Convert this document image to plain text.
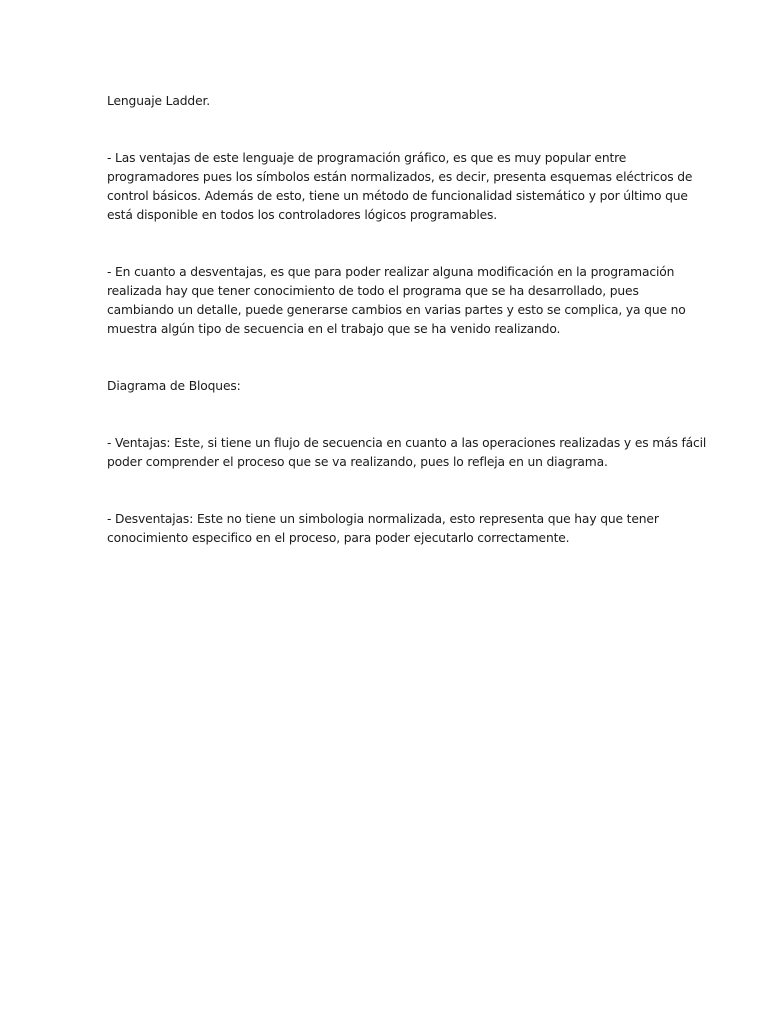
Lenguaje Ladder.

- Las ventajas de este lenguaje de programación gráfico, es que es muy popular entre
programadores pues los símbolos están normalizados, es decir, presenta esquemas eléctricos de
control básicos. Además de esto, tiene un método de funcionalidad sistemático y por último que
está disponible en todos los controladores lógicos programables.
- En cuanto a desventajas, es que para poder realizar alguna modificación en la programación
realizada hay que tener conocimiento de todo el programa que se ha desarrollado, pues
cambiando un detalle, puede generarse cambios en varias partes y esto se complica, ya que no
muestra algún tipo de secuencia en el trabajo que se ha venido realizando.

Diagrama de Bloques:

- Ventajas: Este, si tiene un flujo de secuencia en cuanto a las operaciones realizadas y es más fácil
poder comprender el proceso que se va realizando, pues lo refleja en un diagrama.
- Desventajas: Este no tiene un simbologia normalizada, esto representa que hay que tener
conocimiento especifico en el proceso, para poder ejecutarlo correctamente.
